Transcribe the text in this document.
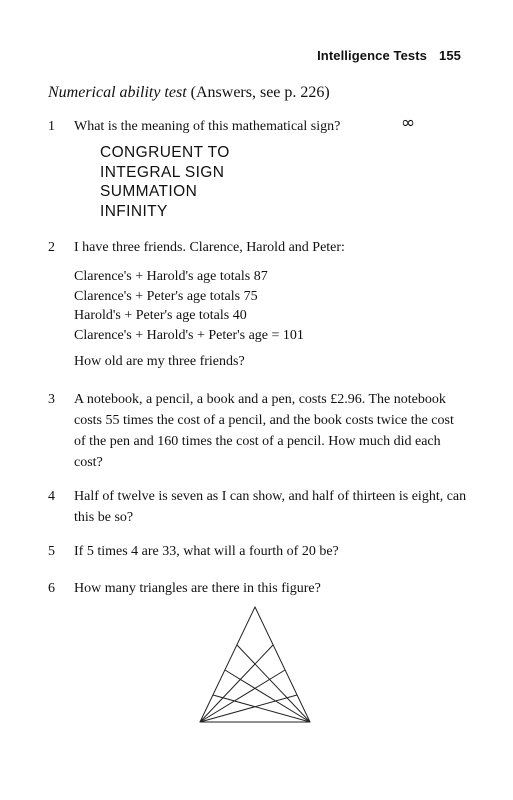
Intelligence Tests 155
Numerical ability test (Answers, see p. 226)
1	What is the meaning of this mathematical sign?	∞
CONGRUENT TO
INTEGRAL SIGN
SUMMATION
INFINITY
2	I have three friends. Clarence, Harold and Peter:
Clarence's + Harold's age totals 87
Clarence's + Peter's age totals 75
Harold's + Peter's age totals 40
Clarence's + Harold's + Peter's age = 101
How old are my three friends?
3	A notebook, a pencil, a book and a pen, costs £2.96. The notebook costs 55 times the cost of a pencil, and the book costs twice the cost of the pen and 160 times the cost of a pencil. How much did each cost?
4	Half of twelve is seven as I can show, and half of thirteen is eight, can this be so?
5	If 5 times 4 are 33, what will a fourth of 20 be?
6	How many triangles are there in this figure?
